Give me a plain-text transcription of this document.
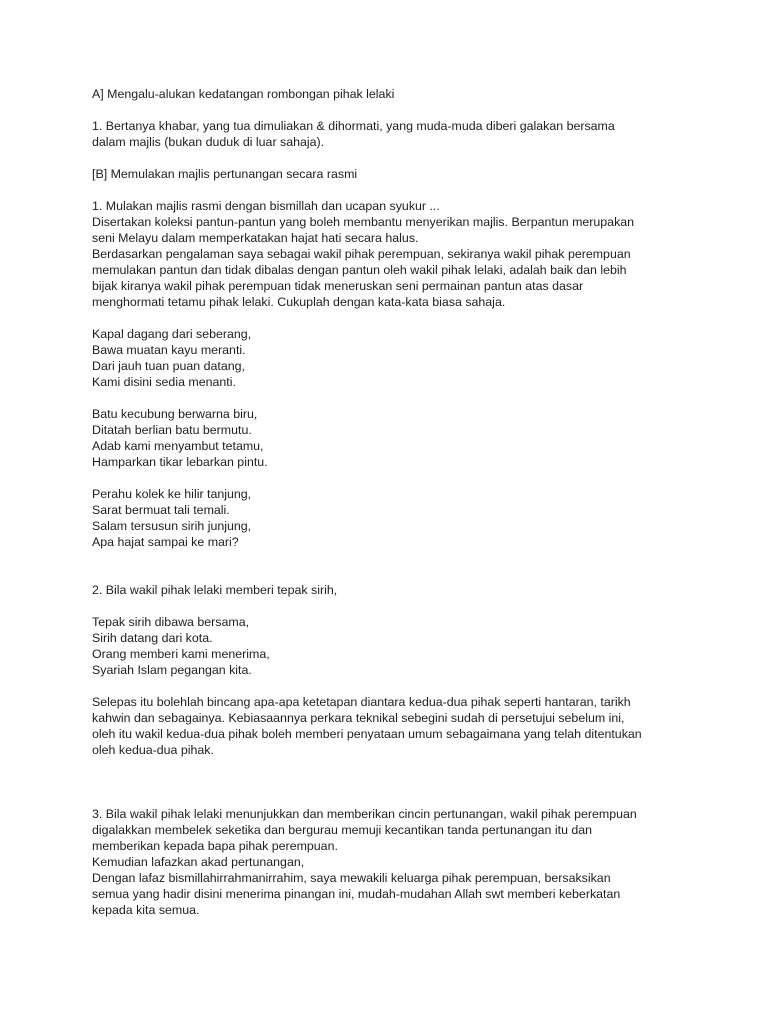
A] Mengalu-alukan kedatangan rombongan pihak lelaki

1. Bertanya khabar, yang tua dimuliakan & dihormati, yang muda-muda diberi galakan bersama

dalam majlis (bukan duduk di luar sahaja).

[B] Memulakan majlis pertunangan secara rasmi

1. Mulakan majlis rasmi dengan bismillah dan ucapan syukur ...

Disertakan koleksi pantun-pantun yang boleh membantu menyerikan majlis. Berpantun merupakan

seni Melayu dalam memperkatakan hajat hati secara halus.

Berdasarkan pengalaman saya sebagai wakil pihak perempuan, sekiranya wakil pihak perempuan

memulakan pantun dan tidak dibalas dengan pantun oleh wakil pihak lelaki, adalah baik dan lebih

bijak kiranya wakil pihak perempuan tidak meneruskan seni permainan pantun atas dasar

menghormati tetamu pihak lelaki. Cukuplah dengan kata-kata biasa sahaja.

Kapal dagang dari seberang,

Bawa muatan kayu meranti.

Dari jauh tuan puan datang,

Kami disini sedia menanti.

Batu kecubung berwarna biru,

Ditatah berlian batu bermutu.

Adab kami menyambut tetamu,

Hamparkan tikar lebarkan pintu.

Perahu kolek ke hilir tanjung,

Sarat bermuat tali temali.

Salam tersusun sirih junjung,

Apa hajat sampai ke mari?

2. Bila wakil pihak lelaki memberi tepak sirih,

Tepak sirih dibawa bersama,

Sirih datang dari kota.

Orang memberi kami menerima,

Syariah Islam pegangan kita.

Selepas itu bolehlah bincang apa-apa ketetapan diantara kedua-dua pihak seperti hantaran, tarikh

kahwin dan sebagainya. Kebiasaannya perkara teknikal sebegini sudah di persetujui sebelum ini,

oleh itu wakil kedua-dua pihak boleh memberi penyataan umum sebagaimana yang telah ditentukan

oleh kedua-dua pihak.

3. Bila wakil pihak lelaki menunjukkan dan memberikan cincin pertunangan, wakil pihak perempuan

digalakkan membelek seketika dan bergurau memuji kecantikan tanda pertunangan itu dan

memberikan kepada bapa pihak perempuan.

Kemudian lafazkan akad pertunangan,

Dengan lafaz bismillahirrahmanirrahim, saya mewakili keluarga pihak perempuan, bersaksikan

semua yang hadir disini menerima pinangan ini, mudah-mudahan Allah swt memberi keberkatan

kepada kita semua.
